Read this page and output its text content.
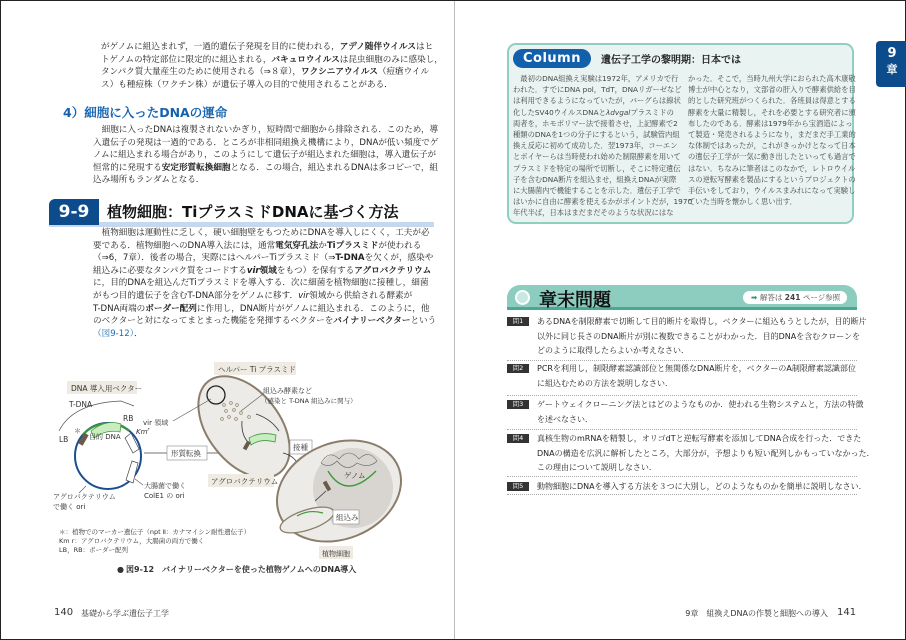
がゲノムに組込まれず，一過的遺伝子発現を目的に使われる，アデノ随伴ウイルスはヒ
トゲノムの特定部位に限定的に組込まれる，バキュロウイルスは昆虫細胞のみに感染し，
タンパク質大量産生のために使用される（⇒８章），ワクシニアウイルス（痘瘡ウイル
ス）も種痘株（ワクチン株）が遺伝子導入の目的で使用されることがある．
4）細胞に入ったDNAの運命
　細胞に入ったDNAは複製されないかぎり，短時間で細胞から排除される．このため，導
入遺伝子の発現は一過的である．ところが非相同組換え機構により，DNAが低い頻度でゲ
ノムに組込まれる場合があり，このようにして遺伝子が組込まれた細胞は，導入遺伝子が
恒常的に発現する安定形質転換細胞となる．この場合，組込まれるDNAは多コピーで，組
込み場所もランダムとなる．
9-9	植物細胞：TiプラスミドDNAに基づく方法
　植物細胞は運動性に乏しく，硬い細胞壁をもつためにDNAを導入しにくく，工夫が必
要である．植物細胞へのDNA導入法には，通常電気穿孔法かTiプラスミドが使われる
（⇒6，7章）．後者の場合，実際にはヘルパーTiプラスミド（⇒T-DNAを欠くが，感染や
組込みに必要なタンパク質をコードするvir領域をもつ）を保有するアグロバクテリウム
に，目的DNAを組込んだTiプラスミドを導入する．次に細菌を植物細胞に接種し，細菌
がもつ目的遺伝子を含むT-DNA部分をゲノムに移す．vir領域から供給される酵素が
T-DNA両端のボーダー配列に作用し，DNA断片がゲノムに組込まれる．このように，他
のベクターと対になってまとまった機能を発揮するベクターをバイナリーベクターという
（図9-12）．
DNA 導入用ベクター
T-DNA
RB
LB
＊
目的 DNA
Km$^r$
形質転換
大腸菌で働く
ColE1 の ori
アグロバクテリウム
で働く ori
ヘルパー Ti プラスミド
組込み酵素など
（感染と T-DNA 組込みに関与）
vir 領域
アグロバクテリウム
接種
ゲノム
組込み
植物細胞
＊：植物でのマーカー遺伝子（npt Ⅱ：カナマイシン耐性遺伝子）
Km r：アグロバクテリウム，大腸菌の両方で働く
LB，RB：ボーダー配列
● 図9-12　バイナリーベクターを使った植物ゲノムへのDNA導入
140 基礎から学ぶ遺伝子工学
Column	遺伝子工学の黎明期：日本では
　最初のDNA組換え実験は1972年，アメリカで行
われた．すでにDNA pol，TdT，DNAリガーゼなど
は利用できるようになっていたが，バーグらは線状
化したSV40ウイルスDNAとλdvgalプラスミドの
両者を，ホモポリマー法で接着させ，上記酵素で2
種類のDNAを1つの分子にするという，試験管内組
換え反応に初めて成功した．翌1973年，コーエン
とボイヤーらは当時使われ始めた制限酵素を用いて
プラスミドを特定の場所で切断し，そこに特定遺伝
子を含むDNA断片を組込ませ，組換えDNAが実際
に大腸菌内で機能することを示した．遺伝子工学で
はいかに自由に酵素を使えるかがポイントだが，1970
年代半ば，日本はまだまだそのような状況にはな
かった．そこで，当時九州大学におられた高木康敬
博士が中心となり，文部省の肝入りで酵素供給を目
的とした研究班がつくられた．各班員は得意とする
酵素を大量に精製し，それを必要とする研究者に頒
布したのである．酵素は1979年から宝酒造によっ
て製造・発売されるようになり，まだまだ手工業的
な体制ではあったが，これがきっかけとなって日本
の遺伝子工学が一気に動き出したといっても過言で
はない．ちなみに筆者はこのなかで，レトロウイル
スの逆転写酵素を製品にするというプロジェクトの
手伝いをしており，ウイルスまみれになって実験し
ていた当時を懐かしく思い出す．
9
章
章末問題	➡ 解答は 241 ページ参照
問1	あるDNAを制限酵素で切断して目的断片を取得し，ベクターに組込もうとしたが，目的断片
以外に同じ長さのDNA断片が別に複数できることがわかった．目的DNAを含むクローンを
どのように取得したらよいか考えなさい．
問2	PCRを利用し，制限酵素認識部位と無関係なDNA断片を，ベクターのA制限酵素認識部位
に組込むための方法を説明しなさい．
問3	ゲートウェイクローニング法とはどのようなものか．使われる生物システムと，方法の特徴
を述べなさい．
問4	真核生物のmRNAを精製し，オリゴdTと逆転写酵素を添加してDNA合成を行った．できた
DNAの構造を広汎に解析したところ，大部分が，予想よりも短い配列しかもっていなかった．
この理由について説明しなさい．
問5	動物細胞にDNAを導入する方法を３つに大別し，どのようなものかを簡単に説明しなさい．
9章　組換えDNAの作製と細胞への導入 141
